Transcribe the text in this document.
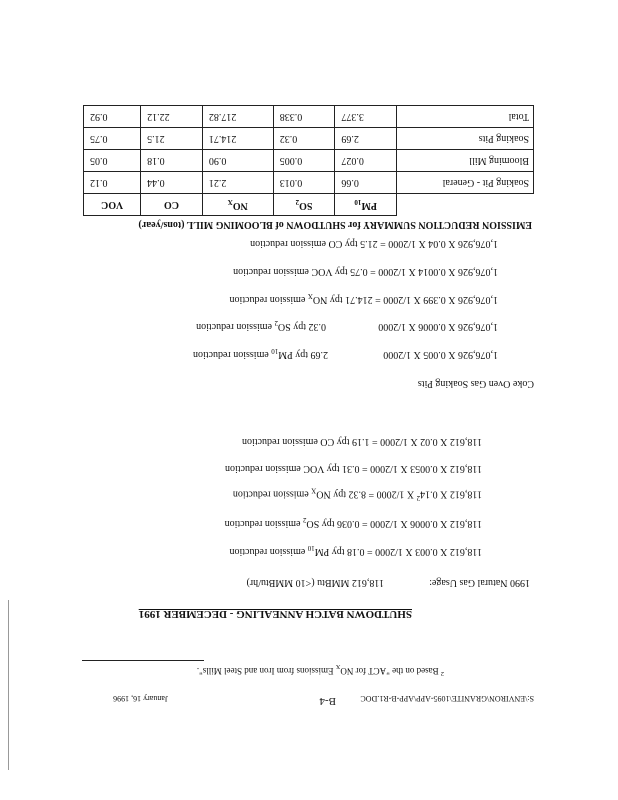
SHUTDOWN BATCH ANNEALING - DECEMBER 1991
1990 Natural Gas Usage:
118,612 MMBtu (<10 MMBtu/hr)
118,612 X 0.003 X 1/2000 = 0.18 tpy $PM_{10}$ emission reduction
118,612 X 0.0006 X 1/2000 = 0.036 tpy $SO_2$ emission reduction
118,612 X 0.14$^2$ X 1/2000 = 8.32 tpy $NO_X$ emission reduction
118,612 X 0.0053 X 1/2000 = 0.31 tpy VOC emission reduction
118,612 X 0.02 X 1/2000 = 1.19 tpy CO emission reduction
Coke Oven Gas Soaking Pits
1,076,926 X 0.005 X 1/2000
2.69 tpy $PM_{10}$ emission reduction
1,076,926 X 0.0006 X 1/2000
0.32 tpy $SO_2$ emission reduction
1,076,926 X 0.399 X 1/2000 = 214.71 tpy $NO_X$ emission reduction
1,076,926 X 0.0014 X 1/2000 = 0.75 tpy VOC emission reduction
1,076,926 X 0.04 X 1/2000 = 21.5 tpy CO emission reduction
EMISSION REDUCTION SUMMARY for SHUTDOWN of BLOOMING MILL (tons/year)
	$PM_{10}$	$SO_2$	$NO_X$	CO	VOC
Soaking Pit - General	0.66	0.013	2.21	0.44	0.12
Blooming Mill	0.027	0.005	0.90	0.18	0.05
Soaking Pits	2.69	0.32	214.71	21.5	0.75
Total	3.377	0.338	217.82	22.12	0.92
$^2$ Based on the "ACT for $NO_X$ Emissions from Iron and Steel Mills".
S:\ENVIRON\GRANITE\1095-APP\APP-B-R1.DOC
B-4
January 16, 1996
